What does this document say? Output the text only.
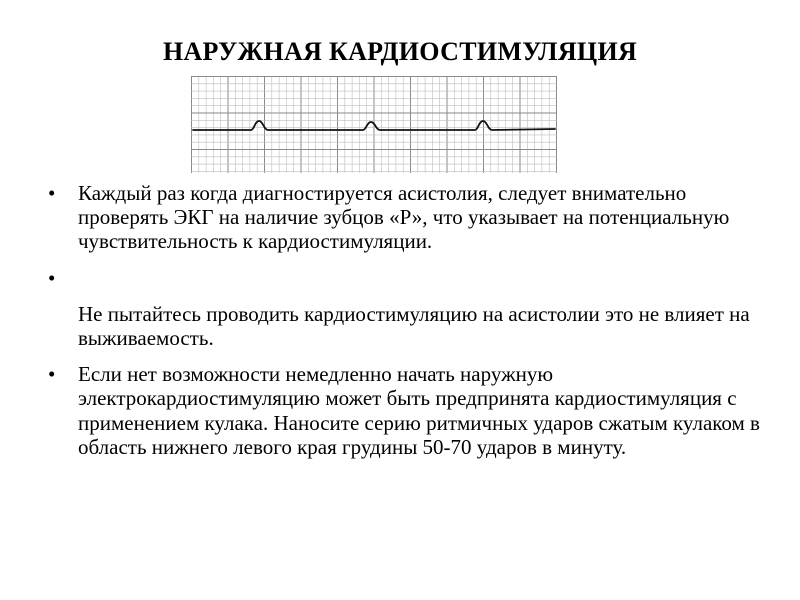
НАРУЖНАЯ КАРДИОСТИМУЛЯЦИЯ
• Каждый раз когда диагностируется асистолия, следует внимательно проверять ЭКГ на наличие зубцов «Р», что указывает на потенциальную чувствительность к кардиостимуляции.
•
Не пытайтесь проводить кардиостимуляцию на асистолии это не влияет на выживаемость.
• Если нет возможности немедленно начать наружную электрокардиостимуляцию может быть предпринята кардиостимуляция с применением кулака. Наносите серию ритмичных ударов сжатым кулаком в область нижнего левого края грудины 50-70 ударов в минуту.
